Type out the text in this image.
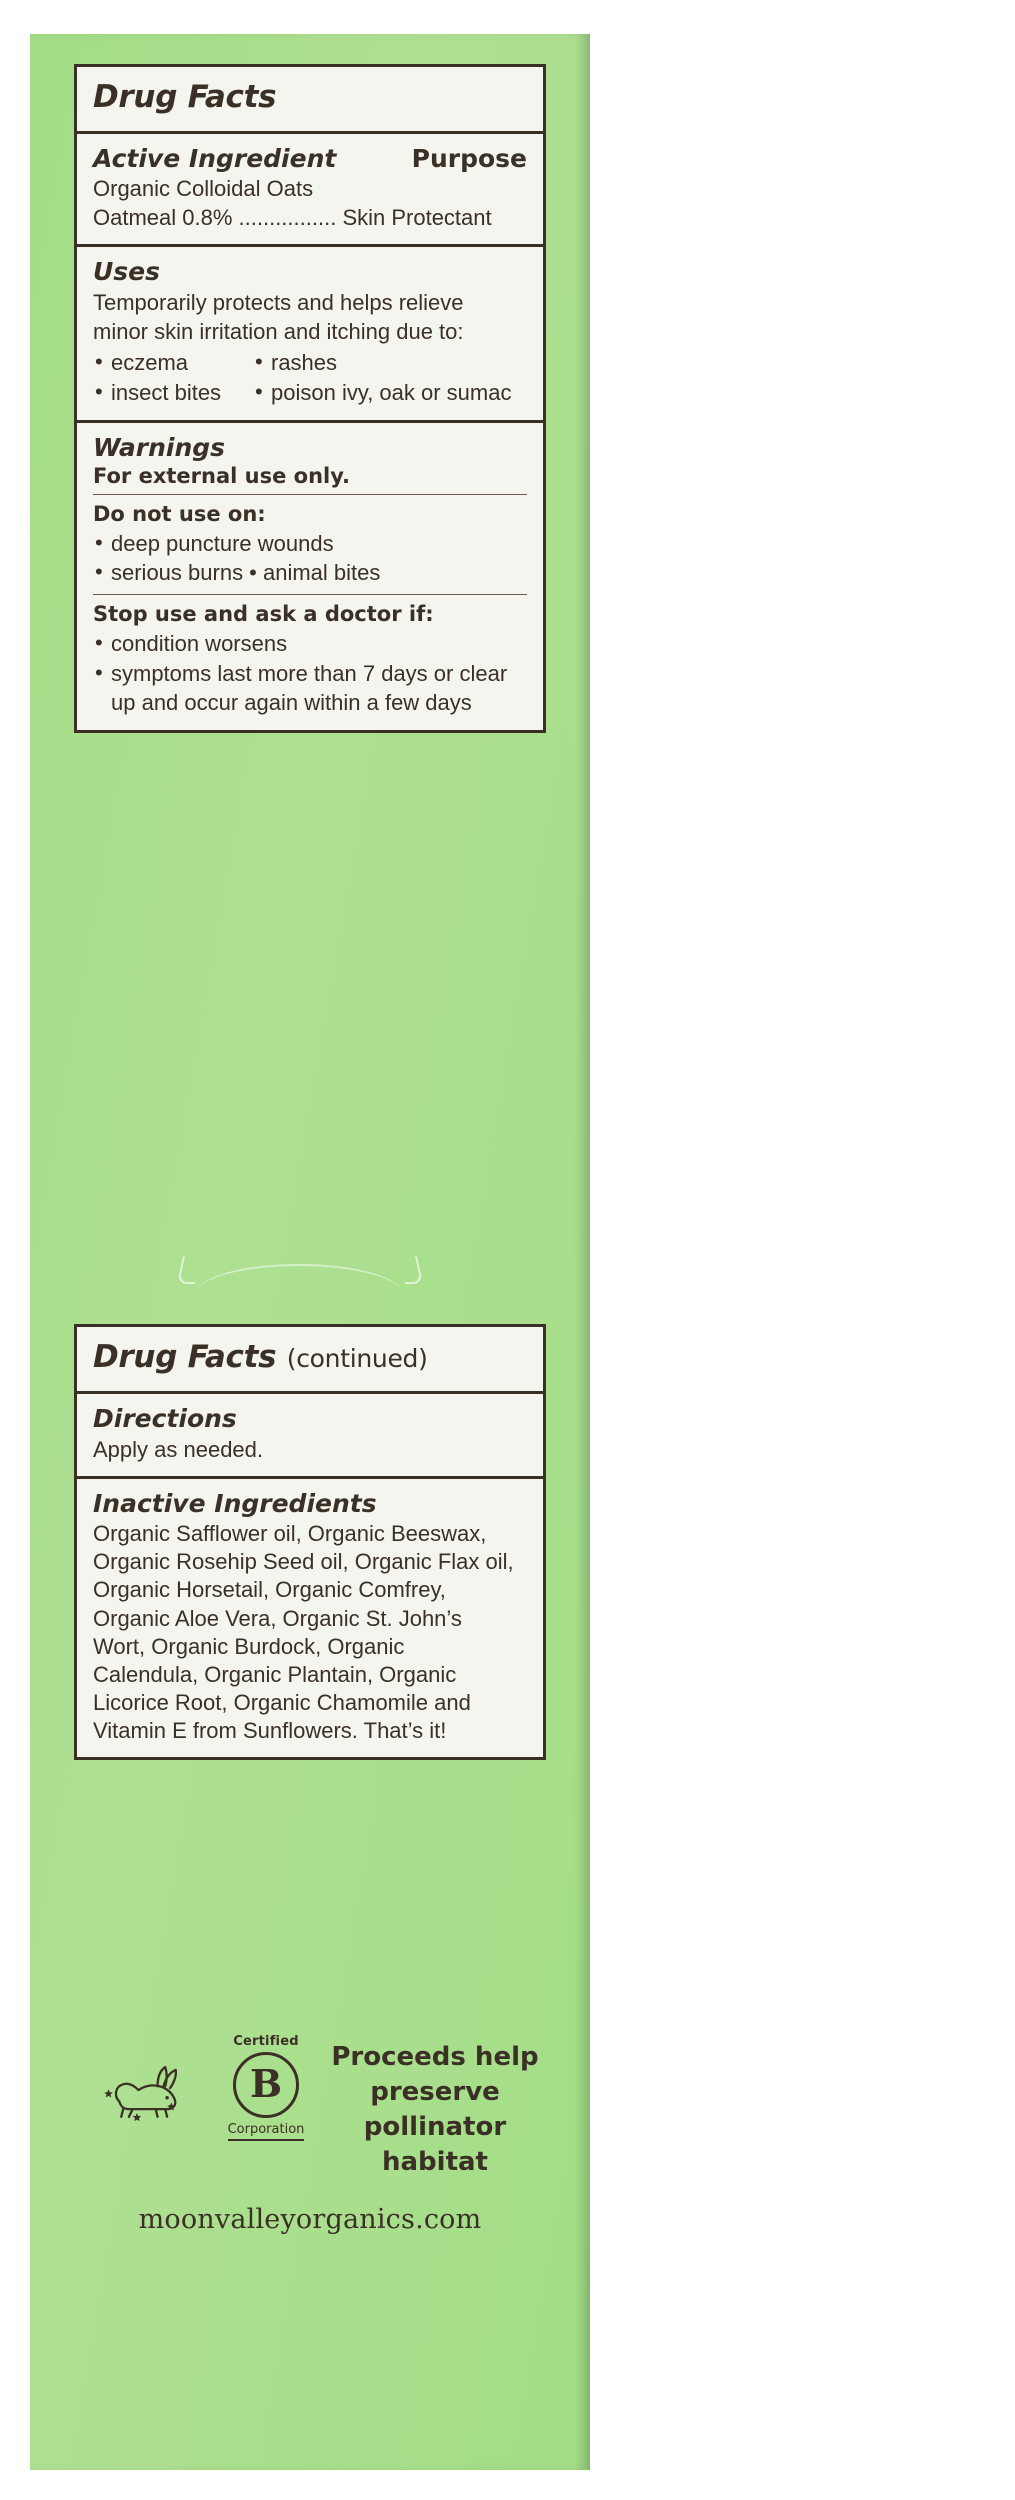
Drug Facts
Active Ingredient	Purpose
Organic Colloidal Oats
Oatmeal 0.8% ................ Skin Protectant
Uses
Temporarily protects and helps relieve
minor skin irritation and itching due to:
• eczema
• insect bites
• rashes
• poison ivy, oak or sumac
Warnings
For external use only.
Do not use on:
• deep puncture wounds
• serious burns • animal bites
Stop use and ask a doctor if:
• condition worsens
• symptoms last more than 7 days or clear
up and occur again within a few days
Drug Facts (continued)
Directions
Apply as needed.
Inactive Ingredients
Organic Safflower oil, Organic Beeswax,
Organic Rosehip Seed oil, Organic Flax oil,
Organic Horsetail, Organic Comfrey,
Organic Aloe Vera, Organic St. John’s
Wort, Organic Burdock, Organic
Calendula, Organic Plantain, Organic
Licorice Root, Organic Chamomile and
Vitamin E from Sunflowers. That’s it!
Certified
B
Corporation
Proceeds help
preserve
pollinator habitat
moonvalleyorganics.com
